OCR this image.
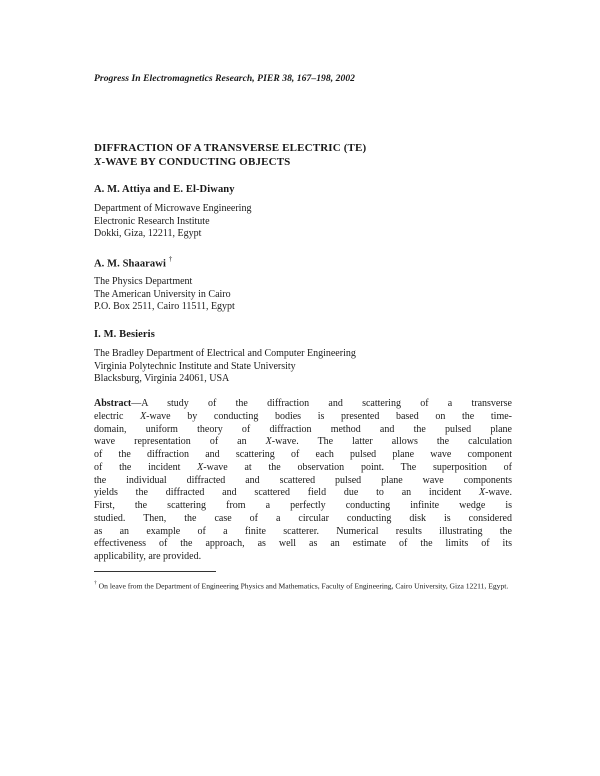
Progress In Electromagnetics Research, PIER 38, 167–198, 2002
DIFFRACTION OF A TRANSVERSE ELECTRIC (TE)
X-WAVE BY CONDUCTING OBJECTS
A. M. Attiya and E. El-Diwany
Department of Microwave Engineering
Electronic Research Institute
Dokki, Giza, 12211, Egypt
A. M. Shaarawi †
The Physics Department
The American University in Cairo
P.O. Box 2511, Cairo 11511, Egypt
I. M. Besieris
The Bradley Department of Electrical and Computer Engineering
Virginia Polytechnic Institute and State University
Blacksburg, Virginia 24061, USA
Abstract—A study of the diffraction and scattering of a transverse
electric X-wave by conducting bodies is presented based on the time-
domain, uniform theory of diffraction method and the pulsed plane
wave representation of an X-wave. The latter allows the calculation
of the diffraction and scattering of each pulsed plane wave component
of the incident X-wave at the observation point. The superposition of
the individual diffracted and scattered pulsed plane wave components
yields the diffracted and scattered field due to an incident X-wave.
First, the scattering from a perfectly conducting infinite wedge is
studied. Then, the case of a circular conducting disk is considered
as an example of a finite scatterer. Numerical results illustrating the
effectiveness of the approach, as well as an estimate of the limits of its
applicability, are provided.
† On leave from the Department of Engineering Physics and Mathematics, Faculty of Engineering, Cairo University, Giza 12211, Egypt.
